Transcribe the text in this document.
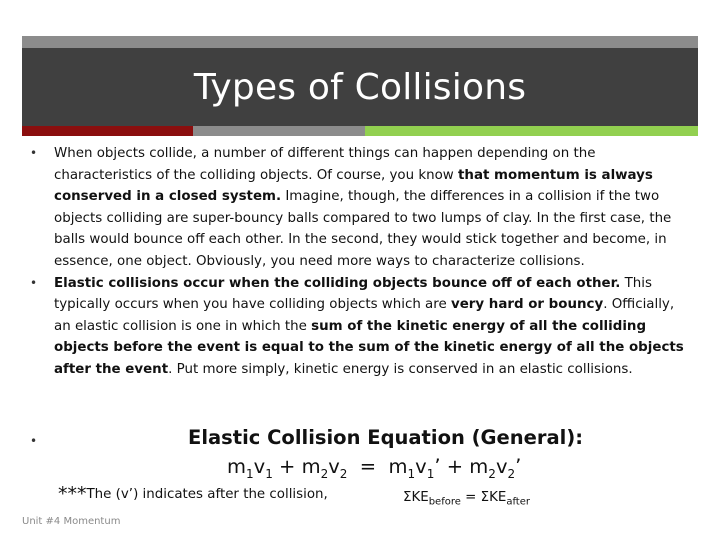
Types of Collisions
• When objects collide, a number of different things can happen depending on the characteristics of the colliding objects. Of course, you know that momentum is always conserved in a closed system. Imagine, though, the differences in a collision if the two objects colliding are super-bouncy balls compared to two lumps of clay. In the first case, the balls would bounce off each other. In the second, they would stick together and become, in essence, one object. Obviously, you need more ways to characterize collisions.

• Elastic collisions occur when the colliding objects bounce off of each other. This typically occurs when you have colliding objects which are very hard or bouncy. Officially, an elastic collision is one in which the sum of the kinetic energy of all the colliding objects before the event is equal to the sum of the kinetic energy of all the objects after the event. Put more simply, kinetic energy is conserved in an elastic collisions.

•	Elastic Collision Equation (General):
$m_1v_1 + m_2v_2 = m_1v_1$’ + $m_2v_2$’
***The (v’) indicates after the collision,	$\Sigma KE_{before} = \Sigma KE_{after}$
Unit #4 Momentum
